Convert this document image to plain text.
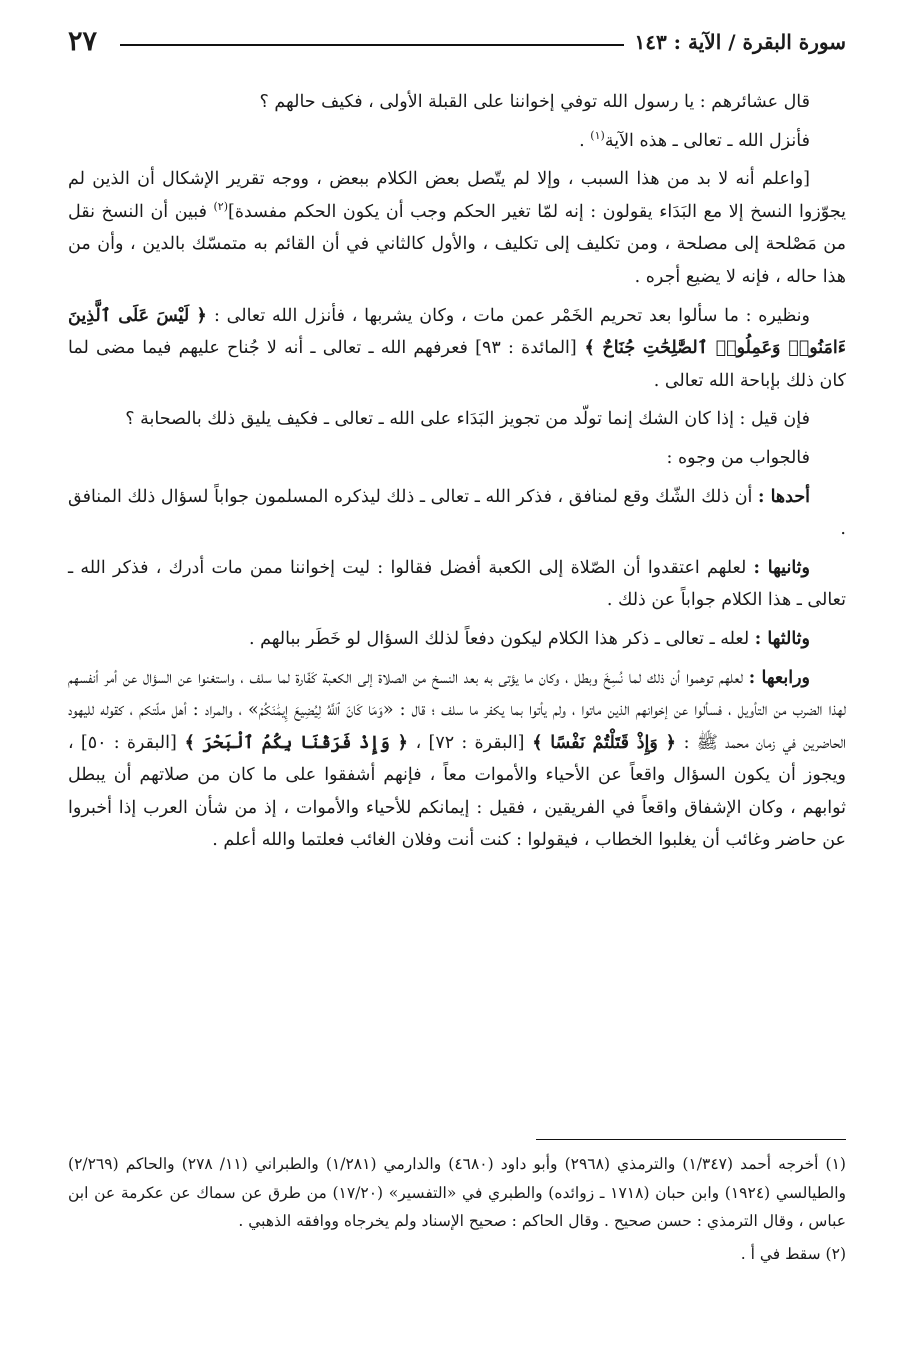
٢٧	سورة البقرة / الآية : ١٤٣

قال عشائرهم : يا رسول الله توفي إخواننا على القبلة الأولى ، فكيف حالهم ؟

فأنزل الله ـ تعالى ـ هذه الآية$^{(١)}$ .

[واعلم أنه لا بد من هذا السبب ، وإلا لم يتّصل بعض الكلام ببعض ، ووجه تقرير الإشكال أن الذين لم يجوّزوا النسخ إلا مع البَدَاء يقولون : إنه لمّا تغير الحكم وجب أن يكون الحكم مفسدة]$^{(٢)}$ فبين أن النسخ نقل من مَصْلحة إلى مصلحة ، ومن تكليف إلى تكليف ، والأول كالثاني في أن القائم به متمسّك بالدين ، وأن من هذا حاله ، فإنه لا يضيع أجره .

ونظيره : ما سألوا بعد تحريم الخَمْر عمن مات ، وكان يشربها ، فأنزل الله تعالى : ﴿ لَيْسَ عَلَى ٱلَّذِينَ ءَامَنُوا۟ وَعَمِلُوا۟ ٱلصَّٰلِحَٰتِ جُنَاحٌ ﴾ [المائدة : ٩٣] فعرفهم الله ـ تعالى ـ أنه لا جُناح عليهم فيما مضى لما كان ذلك بإباحة الله تعالى .

فإن قيل : إذا كان الشك إنما تولّد من تجويز البَدَاء على الله ـ تعالى ـ فكيف يليق ذلك بالصحابة ؟

فالجواب من وجوه :

أحدها : أن ذلك الشّك وقع لمنافق ، فذكر الله ـ تعالى ـ ذلك ليذكره المسلمون جواباً لسؤال ذلك المنافق .

وثانيها : لعلهم اعتقدوا أن الصّلاة إلى الكعبة أفضل فقالوا : ليت إخواننا ممن مات أدرك ، فذكر الله ـ تعالى ـ هذا الكلام جواباً عن ذلك .

وثالثها : لعله ـ تعالى ـ ذكر هذا الكلام ليكون دفعاً لذلك السؤال لو خَطَر ببالهم .

ورابعها : لعلهم توهموا أن ذلك لما نُسِخَ وبطل ، وكان ما يؤتى به بعد النسخ من الصلاة إلى الكعبة كَفّارة لما سلف ، واستغنوا عن السؤال عن أمر أنفسهم لهذا الضرب من التأويل ، فسألوا عن إخوانهم الذين ماتوا ، ولم يأتوا بما يكفر ما سلف ؛ قال : «وَمَا كَانَ ٱللَّهُ لِيُضِيعَ إِيمَٰنَكُمْ» ، والمراد : أهل ملّتكم ، كقوله لليهود الحاضرين في زمان محمد ﷺ : ﴿ وَإِذْ قَتَلْتُمْ نَفْسًا ﴾ [البقرة : ٧٢] ، ﴿ وَإِذْ فَرَقْنَا بِكُمُ ٱلْبَحْرَ ﴾ [البقرة : ٥٠] ، ويجوز أن يكون السؤال واقعاً عن الأحياء والأموات معاً ، فإنهم أشفقوا على ما كان من صلاتهم أن يبطل ثوابهم ، وكان الإشفاق واقعاً في الفريقين ، فقيل : إيمانكم للأحياء والأموات ، إذ من شأن العرب إذا أخبروا عن حاضر وغائب أن يغلبوا الخطاب ، فيقولوا : كنت أنت وفلان الغائب فعلتما والله أعلم .

(١) أخرجه أحمد (١/٣٤٧) والترمذي (٢٩٦٨) وأبو داود (٤٦٨٠) والدارمي (١/٢٨١) والطبراني (١١/ ٢٧٨) والحاكم (٢/٢٦٩) والطيالسي (١٩٢٤) وابن حبان (١٧١٨ ـ زوائده) والطبري في «التفسير» (١٧/٢٠) من طرق عن سماك عن عكرمة عن ابن عباس ، وقال الترمذي : حسن صحيح . وقال الحاكم : صحيح الإسناد ولم يخرجاه ووافقه الذهبي .

(٢) سقط في أ .
